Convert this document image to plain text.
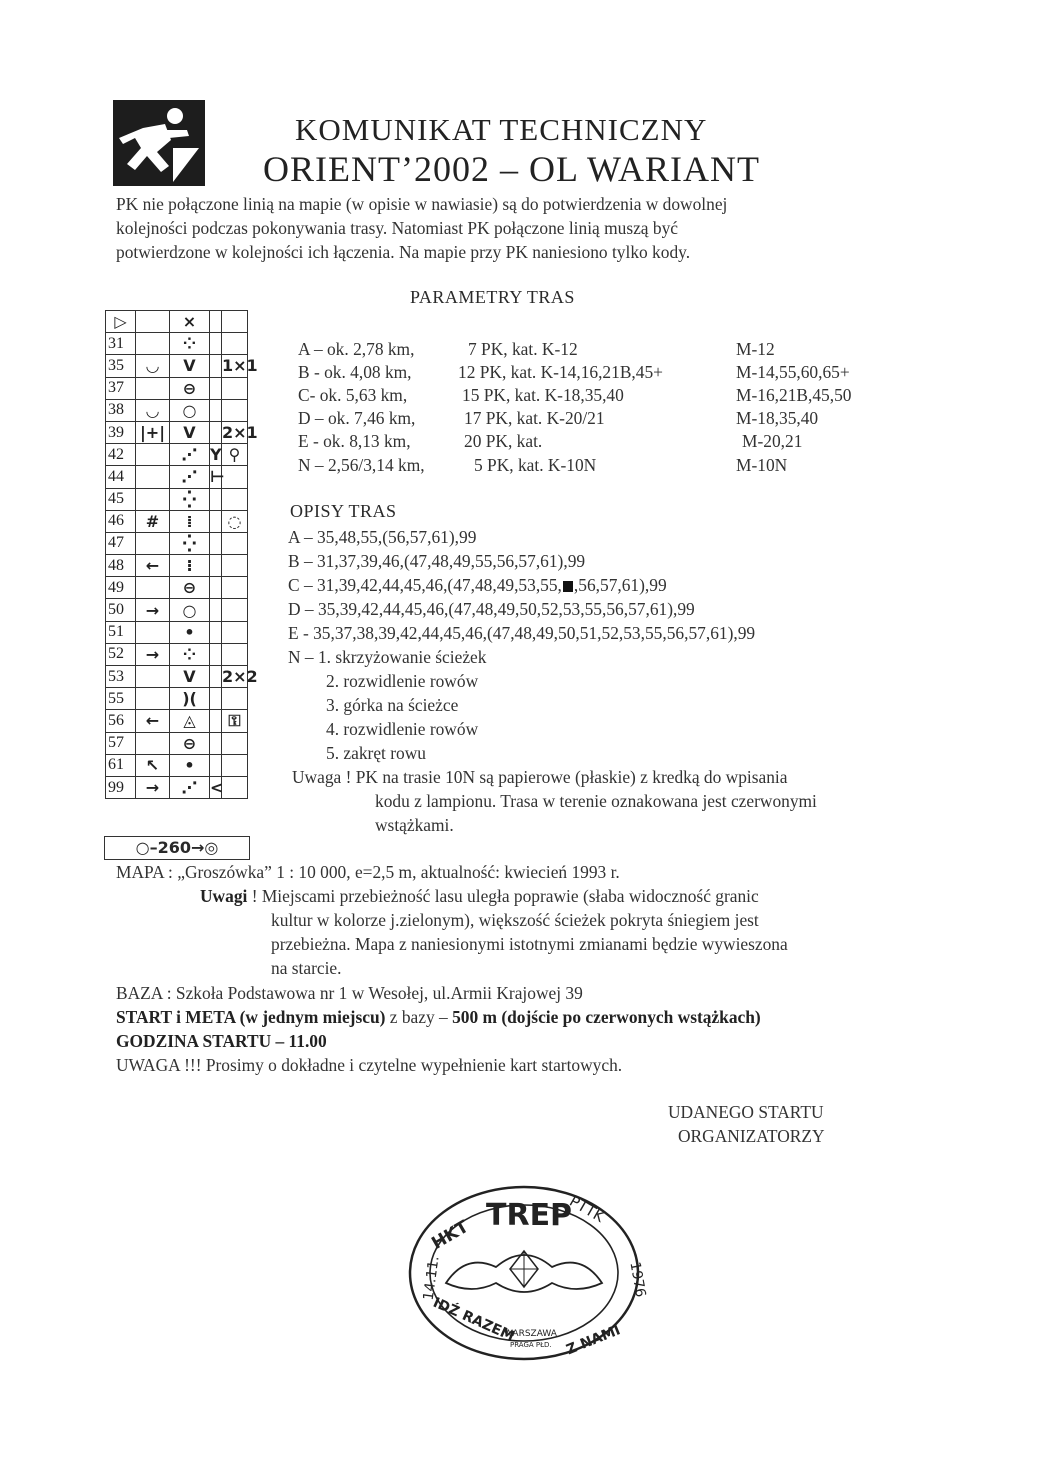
KOMUNIKAT TECHNICZNY
ORIENT’2002 – OL WARIANT
PK nie połączone linią na mapie (w opisie w nawiasie) są do potwierdzenia w dowolnej
kolejności podczas pokonywania trasy. Natomiast PK połączone linią muszą być
potwierdzone w kolejności ich łączenia. Na mapie przy PK naniesiono tylko kody.
PARAMETRY TRAS
A – ok. 2,78 km,	7 PK, kat. K-12	M-12
B - ok. 4,08 km,	12 PK, kat. K-14,16,21B,45+	M-14,55,60,65+
C- ok. 5,63 km,	15 PK, kat. K-18,35,40	M-16,21B,45,50
D – ok. 7,46 km,	17 PK, kat. K-20/21	M-18,35,40
E - ok. 8,13 km,	20 PK, kat.	M-20,21
N – 2,56/3,14 km,	5 PK, kat. K-10N	M-10N
OPISY TRAS
A – 35,48,55,(56,57,61),99
B – 31,37,39,46,(47,48,49,55,56,57,61),99
C – 31,39,42,44,45,46,(47,48,49,53,55, ,56,57,61),99
D – 35,39,42,44,45,46,(47,48,49,50,52,53,55,56,57,61),99
E - 35,37,38,39,42,44,45,46,(47,48,49,50,51,52,53,55,56,57,61),99
N – 1. skrzyżowanie ścieżek
2. rozwidlenie rowów
3. górka na ścieżce
4. rozwidlenie rowów
5. zakręt rowu
Uwaga ! PK na trasie 10N są papierowe (płaskie) z kredką do wpisania
kodu z lampionu. Trasa w terenie oznakowana jest czerwonymi
wstążkami.
▷		⨯		
31		⁘		
35	◡	V		1×1
37		⊖		
38	◡	○		
39	|+|	V		2×1
42		⋰	Y	⚲
44		⋰	⊢	
45		⁛		
46	#	⁞		◌
47		⁛		
48	←	⁝		
49		⊖		
50	→	○		
51		•		
52	→	⁘		
53		V		2×2
55		)(		
56	←	◬		⚿
57		⊖		
61	↖	•		
99	→	⋰	<	
○–260→◎
MAPA : „Groszówka” 1 : 10 000, e=2,5 m, aktualność: kwiecień 1993 r.
Uwagi ! Miejscami przebieżność lasu uległa poprawie (słaba widoczność granic
kultur w kolorze j.zielonym), większość ścieżek pokryta śniegiem jest
przebieżna. Mapa z naniesionymi istotnymi zmianami będzie wywieszona
na starcie.
BAZA : Szkoła Podstawowa nr 1 w Wesołej, ul.Armii Krajowej 39
START i META (w jednym miejscu) z bazy – 500 m (dojście po czerwonych wstążkach)
GODZINA STARTU – 11.00
UWAGA !!! Prosimy o dokładne i czytelne wypełnienie kart startowych.
UDANEGO STARTU
ORGANIZATORZY
HKT
TREP
PTTK
14.11.	1976
IDŹ RAZEM	Z NAMI
WARSZAWA
PRAGA PŁD.
